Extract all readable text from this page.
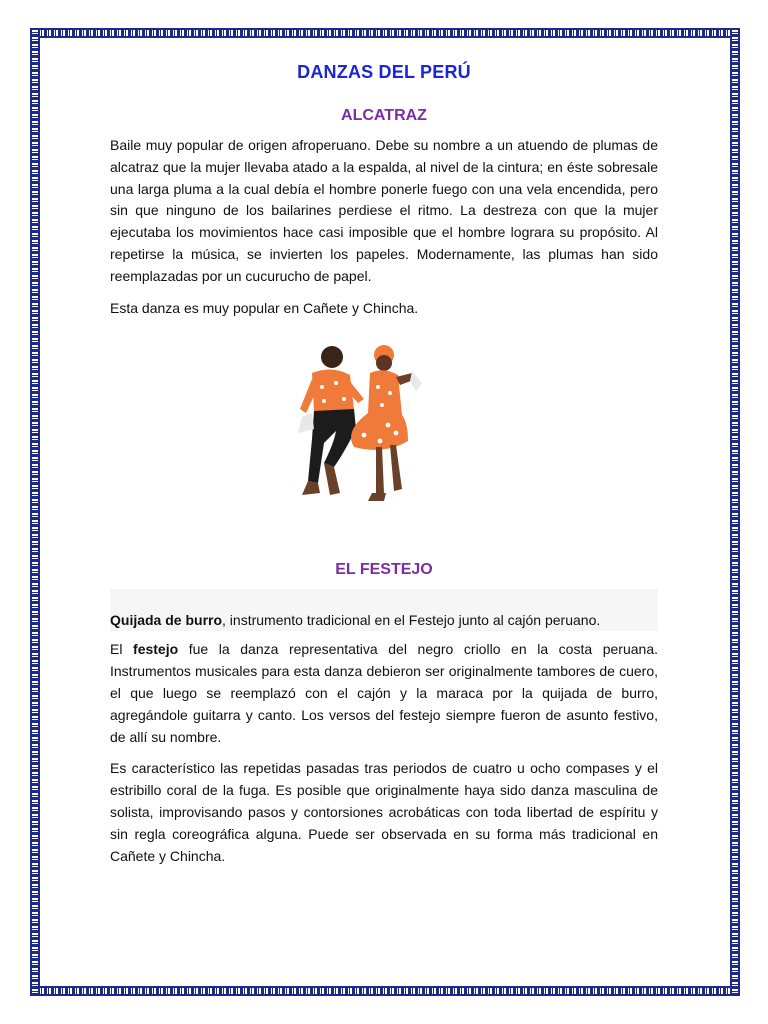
DANZAS DEL PERÚ
ALCATRAZ

Baile muy popular de origen afroperuano. Debe su nombre a un atuendo de plumas de alcatraz que la mujer llevaba atado a la espalda, al nivel de la cintura; en éste sobresale una larga pluma a la cual debía el hombre ponerle fuego con una vela encendida, pero sin que ninguno de los bailarines perdiese el ritmo. La destreza con que la mujer ejecutaba los movimientos hace casi imposible que el hombre lograra su propósito. Al repetirse la música, se invierten los papeles. Modernamente, las plumas han sido reemplazadas por un cucurucho de papel.

Esta danza es muy popular en Cañete y Chincha.

EL FESTEJO
Quijada de burro, instrumento tradicional en el Festejo junto al cajón peruano.

El festejo fue la danza representativa del negro criollo en la costa peruana. Instrumentos musicales para esta danza debieron ser originalmente tambores de cuero, el que luego se reemplazó con el cajón y la maraca por la quijada de burro, agregándole guitarra y canto. Los versos del festejo siempre fueron de asunto festivo, de allí su nombre.

Es característico las repetidas pasadas tras periodos de cuatro u ocho compases y el estribillo coral de la fuga. Es posible que originalmente haya sido danza masculina de solista, improvisando pasos y contorsiones acrobáticas con toda libertad de espíritu y sin regla coreográfica alguna. Puede ser observada en su forma más tradicional en Cañete y Chincha.
